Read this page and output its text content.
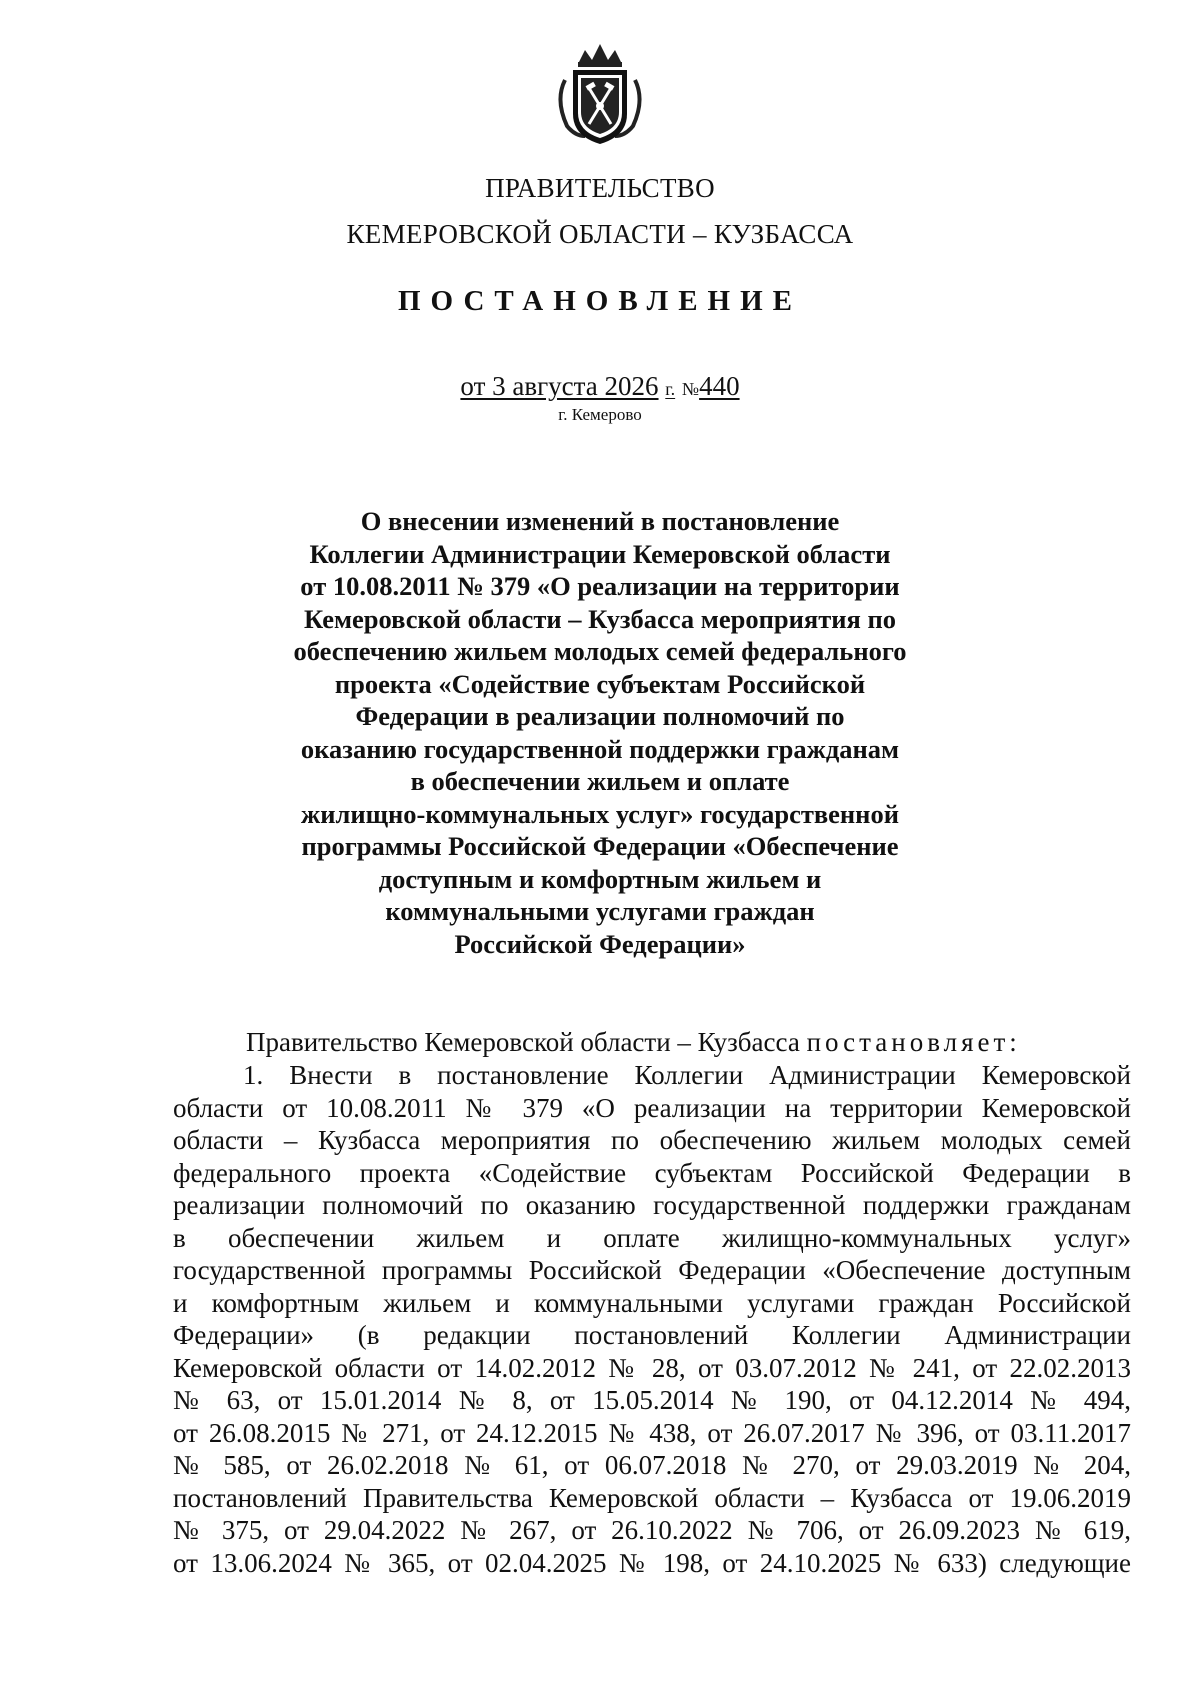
ПРАВИТЕЛЬСТВО
КЕМЕРОВСКОЙ ОБЛАСТИ – КУЗБАССА
ПОСТАНОВЛЕНИЕ
от 3 августа 2026 г. №440
г. Кемерово
О внесении изменений в постановление
Коллегии Администрации Кемеровской области
от 10.08.2011 № 379 «О реализации на территории
Кемеровской области – Кузбасса мероприятия по
обеспечению жильем молодых семей федерального
проекта «Содействие субъектам Российской
Федерации в реализации полномочий по
оказанию государственной поддержки гражданам
в обеспечении жильем и оплате
жилищно-коммунальных услуг» государственной
программы Российской Федерации «Обеспечение
доступным и комфортным жильем и
коммунальными услугами граждан
Российской Федерации»
Правительство Кемеровской области – Кузбасса постановляет:
1. Внести в постановление Коллегии Администрации Кемеровской
области от 10.08.2011 № 379 «О реализации на территории Кемеровской
области – Кузбасса мероприятия по обеспечению жильем молодых семей
федерального проекта «Содействие субъектам Российской Федерации в
реализации полномочий по оказанию государственной поддержки гражданам
в обеспечении жильем и оплате жилищно-коммунальных услуг»
государственной программы Российской Федерации «Обеспечение доступным
и комфортным жильем и коммунальными услугами граждан Российской
Федерации» (в редакции постановлений Коллегии Администрации
Кемеровской области от 14.02.2012 № 28, от 03.07.2012 № 241, от 22.02.2013
№ 63, от 15.01.2014 № 8, от 15.05.2014 № 190, от 04.12.2014 № 494,
от 26.08.2015 № 271, от 24.12.2015 № 438, от 26.07.2017 № 396, от 03.11.2017
№ 585, от 26.02.2018 № 61, от 06.07.2018 № 270, от 29.03.2019 № 204,
постановлений Правительства Кемеровской области – Кузбасса от 19.06.2019
№ 375, от 29.04.2022 № 267, от 26.10.2022 № 706, от 26.09.2023 № 619,
от 13.06.2024 № 365, от 02.04.2025 № 198, от 24.10.2025 № 633) следующие
